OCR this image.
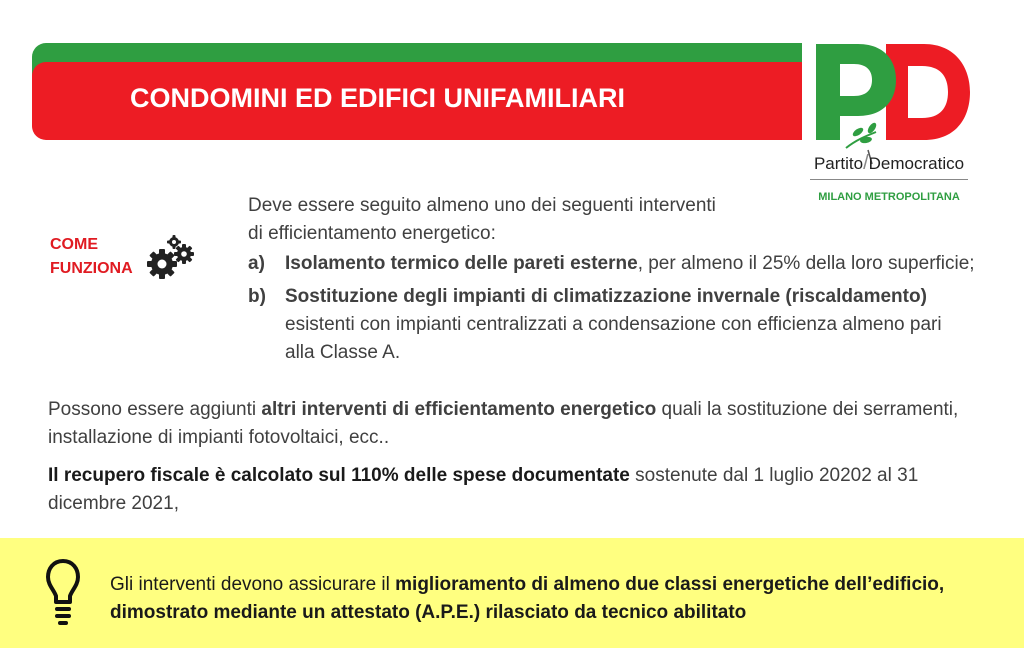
CONDOMINI ED EDIFICI UNIFAMILIARI
Partito/Democratico
MILANO METROPOLITANA
COME
FUNZIONA
Deve essere seguito almeno uno dei seguenti interventi
di efficientamento energetico:
a) Isolamento termico delle pareti esterne, per almeno il 25% della loro superficie;
b) Sostituzione degli impianti di climatizzazione invernale (riscaldamento) esistenti con impianti centralizzati a condensazione con efficienza almeno pari alla Classe A.
Possono essere aggiunti altri interventi di efficientamento energetico quali la sostituzione dei serramenti, installazione di impianti fotovoltaici, ecc..
Il recupero fiscale è calcolato sul 110% delle spese documentate sostenute dal 1 luglio 20202 al 31 dicembre 2021,
Gli interventi devono assicurare il miglioramento di almeno due classi energetiche dell’edificio, dimostrato mediante un attestato (A.P.E.) rilasciato da tecnico abilitato
